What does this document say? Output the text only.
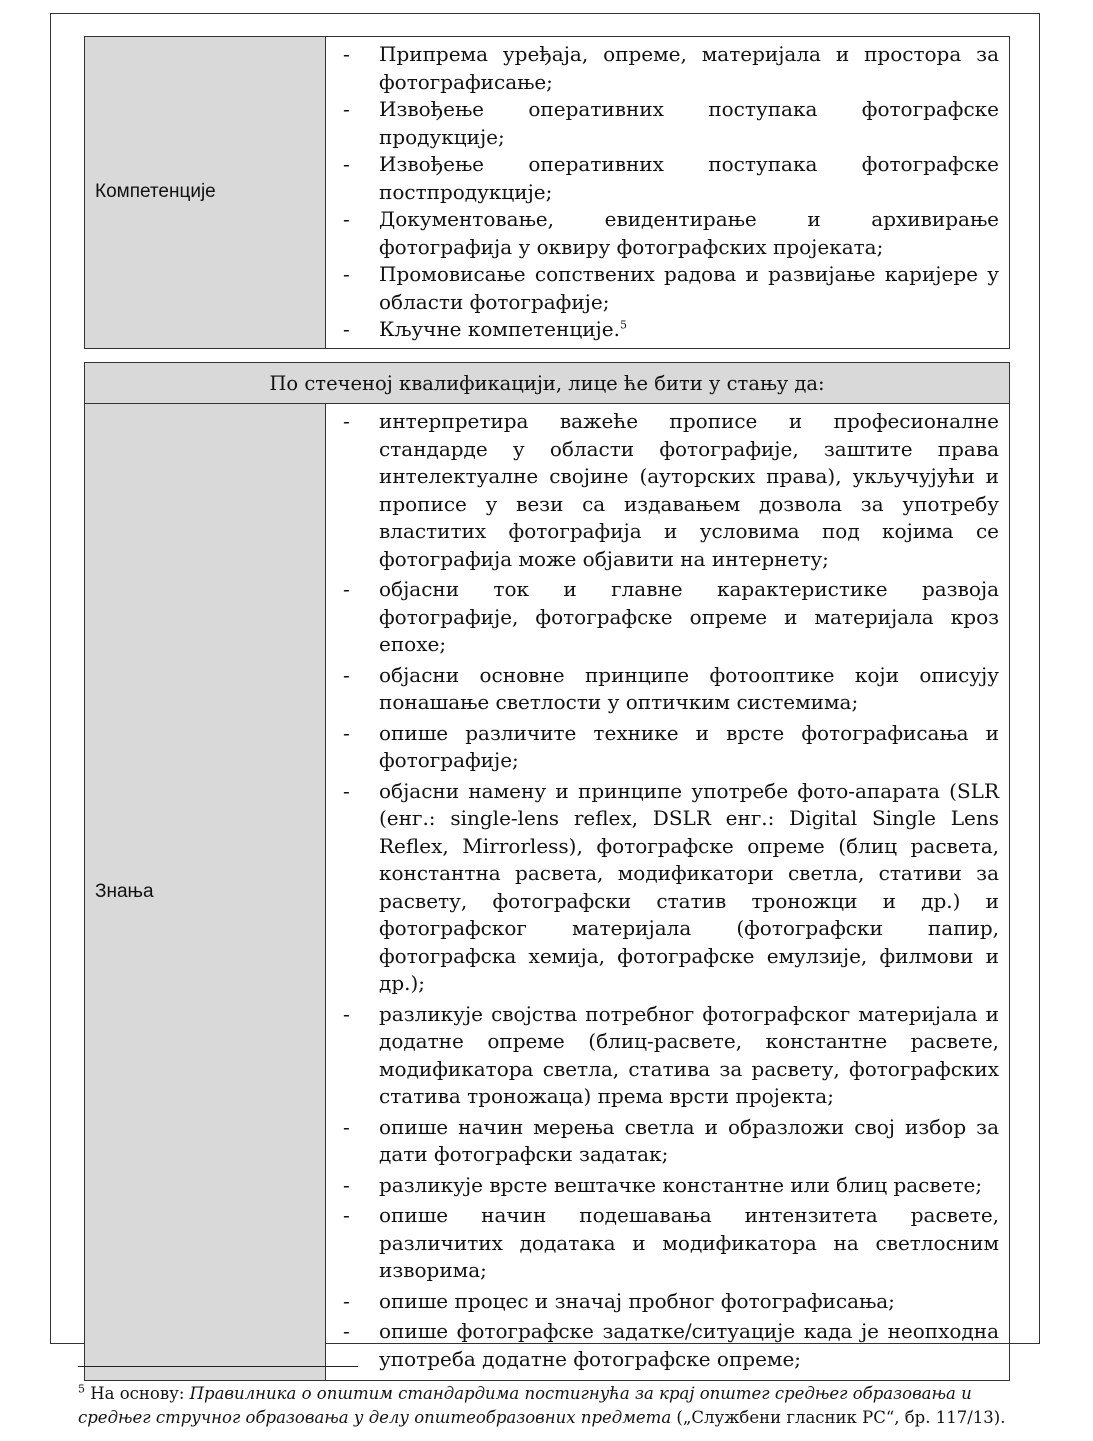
Компетенције	
- Припрема уређаја, опреме, материјала и простора за фотографисање;
- Извођење оперативних поступака фотографске продукције;
- Извођење оперативних поступака фотографске постпродукције;
- Документовање, евидентирање и архивирање фотографија у оквиру фотографских пројеката;
- Промовисање сопствених радова и развијање каријере у области фотографије;
- Кључне компетенције.$^5$
По стеченој квалификацији, лице ће бити у стању да:
Знања	
- интерпретира важеће прописе и професионалне стандарде у области фотографије, заштите права интелектуалне својине (ауторских права), укључујући и прописе у вези са издавањем дозвола за употребу властитих фотографија и условима под којима се фотографија може објавити на интернету;
- објасни ток и главне карактеристике развоја фотографије, фотографске опреме и материјала кроз епохе;
- објасни основне принципе фотооптике који описују понашање светлости у оптичким системима;
- опише различите технике и врсте фотографисања и фотографије;
- објасни намену и принципе употребе фото-апарата (SLR (енг.: single-lens reflex, DSLR енг.: Digital Single Lens Reflex, Mirrorless), фотографске опреме (блиц расвета, константна расвета, модификатори светла, стативи за расвету, фотографски статив троножци и др.) и фотографског материјала (фотографски папир, фотографска хемија, фотографске емулзије, филмови и др.);
- разликује својства потребног фотографског материјала и додатне опреме (блиц-расвете, константне расвете, модификатора светла, статива за расвету, фотографских статива троножаца) према врсти пројекта;
- опише начин мерења светла и образложи свој избор за дати фотографски задатак;
- разликује врсте вештачке константне или блиц расвете;
- опише начин подешавања интензитета расвете, различитих додатака и модификатора на светлосним изворима;
- опише процес и значај пробног фотографисања;
- опише фотографске задатке/ситуације када је неопходна употреба додатне фотографске опреме;
$^5$ На основу: Правилника о општим стандардима постигнућа за крај општег средњег образовања и средњег стручног образовања у делу општеобразовних предмета („Службени гласник РС“, бр. 117/13).
